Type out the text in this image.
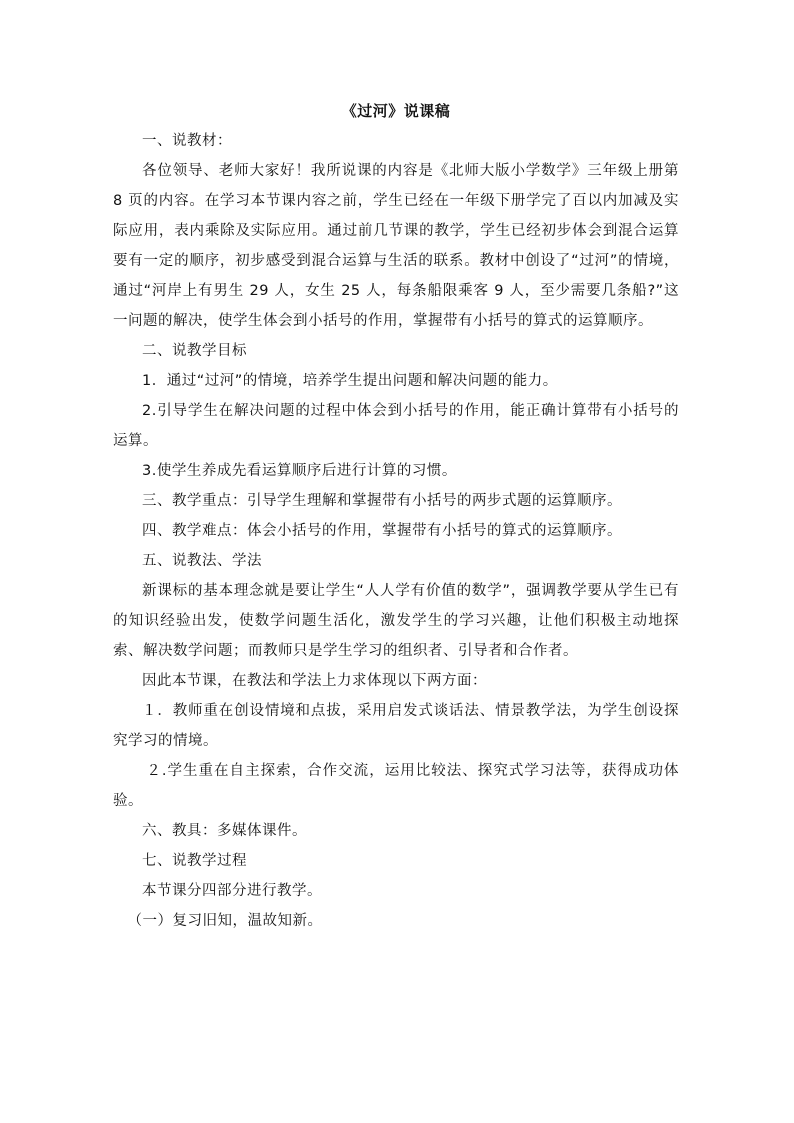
《过河》说课稿

一、说教材：

各位领导、老师大家好！我所说课的内容是《北师大版小学数学》三年级上册第 8 页的内容。在学习本节课内容之前，学生已经在一年级下册学完了百以内加减及实际应用，表内乘除及实际应用。通过前几节课的教学，学生已经初步体会到混合运算要有一定的顺序，初步感受到混合运算与生活的联系。教材中创设了“过河”的情境，通过“河岸上有男生 29 人，女生 25 人，每条船限乘客 9 人，至少需要几条船?”这一问题的解决，使学生体会到小括号的作用，掌握带有小括号的算式的运算顺序。

二、说教学目标

1．通过“过河”的情境，培养学生提出问题和解决问题的能力。

2.引导学生在解决问题的过程中体会到小括号的作用，能正确计算带有小括号的运算。

3.使学生养成先看运算顺序后进行计算的习惯。

三、教学重点：引导学生理解和掌握带有小括号的两步式题的运算顺序。

四、教学难点：体会小括号的作用，掌握带有小括号的算式的运算顺序。

五、说教法、学法

新课标的基本理念就是要让学生“人人学有价值的数学”，强调教学要从学生已有的知识经验出发，使数学问题生活化，激发学生的学习兴趣，让他们积极主动地探索、解决数学问题；而教师只是学生学习的组织者、引导者和合作者。

因此本节课，在教法和学法上力求体现以下两方面：

１．教师重在创设情境和点拔，采用启发式谈话法、情景教学法，为学生创设探究学习的情境。

２.学生重在自主探索，合作交流，运用比较法、探究式学习法等，获得成功体验。

六、教具：多媒体课件。

七、说教学过程

本节课分四部分进行教学。

（一）复习旧知，温故知新。
